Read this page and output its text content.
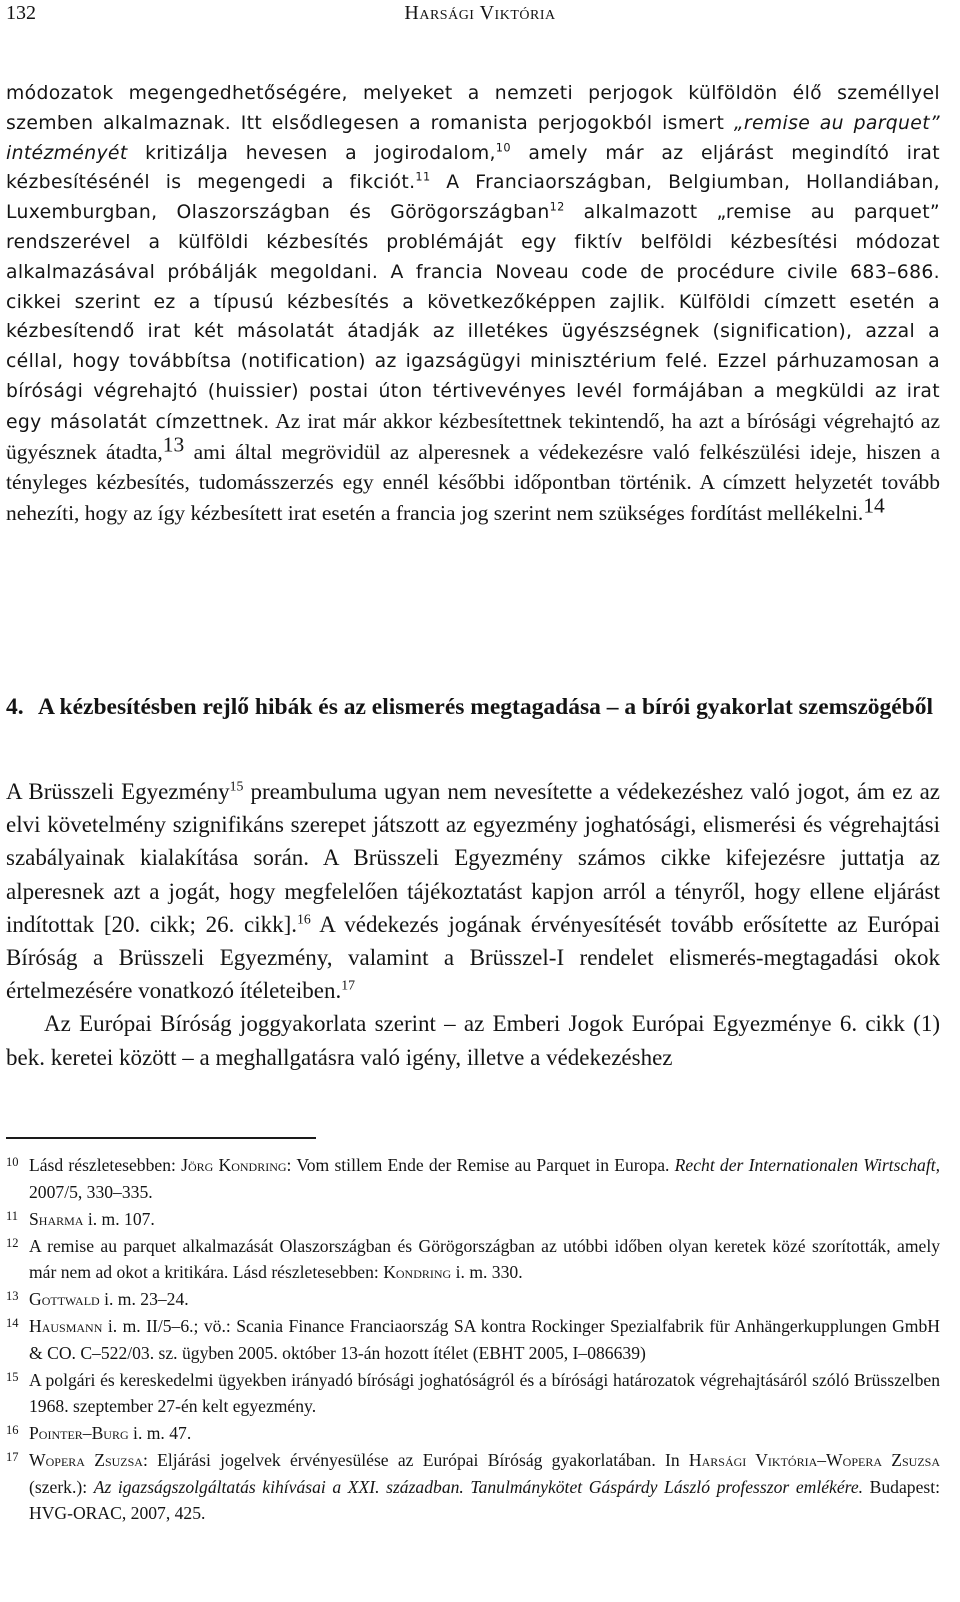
132	Harsági Viktória
módozatok megengedhetőségére, melyeket a nemzeti perjogok külföldön élő személlyel szemben alkalmaznak. Itt elsődlegesen a romanista perjogokból ismert „remise au parquet” intézményét kritizálja hevesen a jogirodalom,$^{10}$ amely már az eljárást megindító irat kézbesítésénél is megengedi a fikciót.$^{11}$ A Franciaországban, Belgiumban, Hollandiában, Luxemburgban, Olaszországban és Görögországban$^{12}$ alkalmazott „remise au parquet” rendszerével a külföldi kézbesítés problémáját egy fiktív belföldi kézbesítési módozat alkalmazásával próbálják megoldani. A francia Noveau code de procédure civile 683–686. cikkei szerint ez a típusú kézbesítés a következőképpen zajlik. Külföldi címzett esetén a kézbesítendő irat két másolatát átadják az illetékes ügyészségnek (signification), azzal a céllal, hogy továbbítsa (notification) az igazságügyi minisztérium felé. Ezzel párhuzamosan a bírósági végrehajtó (huissier) postai úton tértivevényes levél formájában a megküldi az irat egy másolatát címzettnek. Az irat már akkor kézbesítettnek tekintendő, ha azt a bírósági végrehajtó az ügyésznek átadta,$^{13}$ ami által megrövidül az alperesnek a védekezésre való felkészülési ideje, hiszen a tényleges kézbesítés, tudomásszerzés egy ennél későbbi időpontban történik. A címzett helyzetét tovább nehezíti, hogy az így kézbesített irat esetén a francia jog szerint nem szükséges fordítást mellékelni.$^{14}$
4. A kézbesítésben rejlő hibák és az elismerés megtagadása – a bírói gyakorlat szemszögéből

A Brüsszeli Egyezmény$^{15}$ preambuluma ugyan nem nevesítette a védekezéshez való jogot, ám ez az elvi követelmény szignifikáns szerepet játszott az egyezmény joghatósági, elismerési és végrehajtási szabályainak kialakítása során. A Brüsszeli Egyezmény számos cikke kifejezésre juttatja az alperesnek azt a jogát, hogy megfelelően tájékoztatást kapjon arról a tényről, hogy ellene eljárást indítottak [20. cikk; 26. cikk].$^{16}$ A védekezés jogának érvényesítését tovább erősítette az Európai Bíróság a Brüsszeli Egyezmény, valamint a Brüsszel-I rendelet elismerés-megtagadási okok értelmezésére vonatkozó ítéleteiben.$^{17}$

Az Európai Bíróság joggyakorlata szerint – az Emberi Jogok Európai Egyezménye 6. cikk (1) bek. keretei között – a meghallgatásra való igény, illetve a védekezéshez

10 Lásd részletesebben: Jörg Kondring: Vom stillem Ende der Remise au Parquet in Europa. Recht der Internationalen Wirtschaft, 2007/5, 330–335.
11 Sharma i. m. 107.
12 A remise au parquet alkalmazását Olaszországban és Görögországban az utóbbi időben olyan keretek közé szorították, amely már nem ad okot a kritikára. Lásd részletesebben: Kondring i. m. 330.
13 Gottwald i. m. 23–24.
14 Hausmann i. m. II/5–6.; vö.: Scania Finance Franciaország SA kontra Rockinger Spezialfabrik für Anhängerkupplungen GmbH & CO. C–522/03. sz. ügyben 2005. október 13-án hozott ítélet (EBHT 2005, I–086639)
15 A polgári és kereskedelmi ügyekben irányadó bírósági joghatóságról és a bírósági határozatok végrehajtásáról szóló Brüsszelben 1968. szeptember 27-én kelt egyezmény.
16 Pointer–Burg i. m. 47.
17 Wopera Zsuzsa: Eljárási jogelvek érvényesülése az Európai Bíróság gyakorlatában. In Harsági Viktória–Wopera Zsuzsa (szerk.): Az igazságszolgáltatás kihívásai a XXI. században. Tanulmánykötet Gáspárdy László professzor emlékére. Budapest: HVG-ORAC, 2007, 425.
